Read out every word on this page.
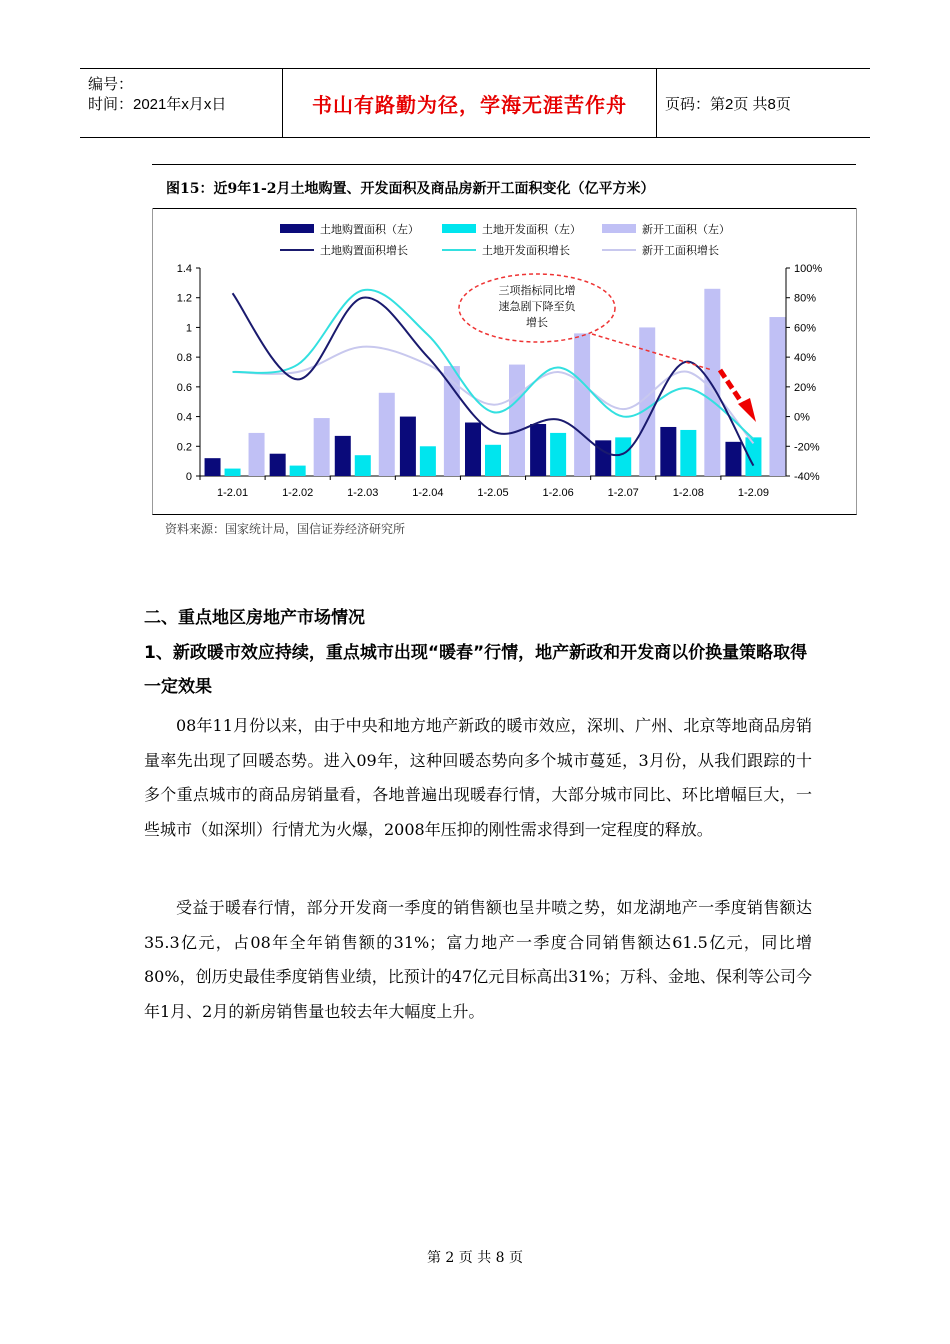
编号：
时间：2021年x月x日	书山有路勤为径，学海无涯苦作舟	页码：第2页 共8页
图15：近9年1-2月土地购置、开发面积及商品房新开工面积变化（亿平方米）
0
0.2
0.4
0.6
0.8
1
1.2
1.4
-40%
-20%
0%
20%
40%
60%
80%
100%
1-2.01	1-2.02	1-2.03	1-2.04	1-2.05	1-2.06	1-2.07	1-2.08	1-2.09
土地购置面积（左）	土地开发面积（左）	新开工面积（左）
土地购置面积增长	土地开发面积增长	新开工面积增长
三项指标同比增
速急剧下降至负
增长
资料来源：国家统计局，国信证券经济研究所
二、重点地区房地产市场情况
1、新政暖市效应持续，重点城市出现“暖春”行情，地产新政和开发商以价换量策略取得一定效果
08年11月份以来，由于中央和地方地产新政的暖市效应，深圳、广州、北京等地商品房销量率先出现了回暖态势。进入09年，这种回暖态势向多个城市蔓延，3月份，从我们跟踪的十多个重点城市的商品房销量看，各地普遍出现暖春行情，大部分城市同比、环比增幅巨大，一些城市（如深圳）行情尤为火爆，2008年压抑的刚性需求得到一定程度的释放。
受益于暖春行情，部分开发商一季度的销售额也呈井喷之势，如龙湖地产一季度销售额达35.3亿元，占08年全年销售额的31%；富力地产一季度合同销售额达61.5亿元，同比增80%，创历史最佳季度销售业绩，比预计的47亿元目标高出31%；万科、金地、保利等公司今年1月、2月的新房销售量也较去年大幅度上升。
第 2 页 共 8 页
